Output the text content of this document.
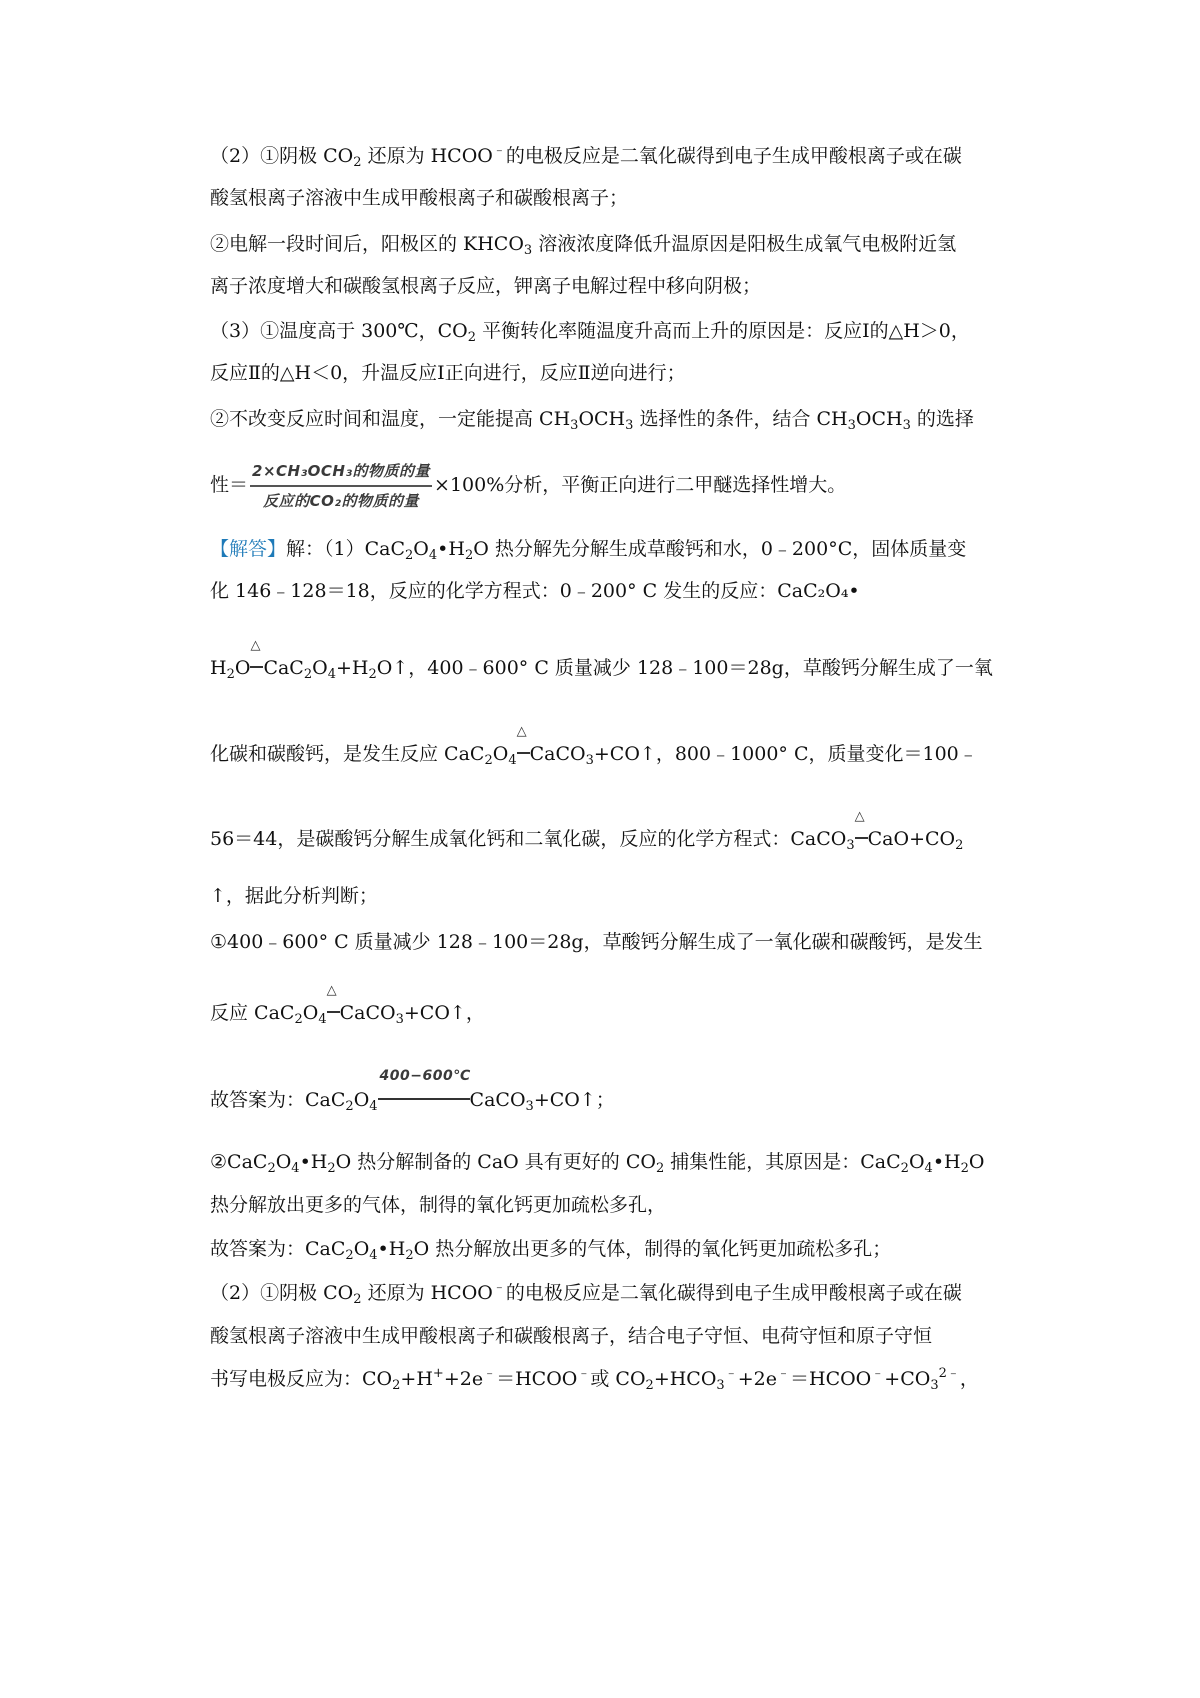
（2）①阴极 $CO_2$ 还原为 HCOO﹣的电极反应是二氧化碳得到电子生成甲酸根离子或在碳
酸氢根离子溶液中生成甲酸根离子和碳酸根离子；
②电解一段时间后，阳极区的 $KHCO_3$ 溶液浓度降低升温原因是阳极生成氧气电极附近氢
离子浓度增大和碳酸氢根离子反应，钾离子电解过程中移向阴极；
（3）①温度高于 300℃，$CO_2$ 平衡转化率随温度升高而上升的原因是：反应Ⅰ的△H＞0，
反应Ⅱ的△H＜0，升温反应Ⅰ正向进行，反应Ⅱ逆向进行；
②不改变反应时间和温度，一定能提高 $CH_3OCH_3$ 选择性的条件，结合 $CH_3OCH_3$ 的选择
性＝ $\frac{\text{2×CH₃OCH₃的物质的量}}{\text{反应的CO₂的物质的量}} \times 100\%$分析，平衡正向进行二甲醚选择性增大。
【解答】解：$(1)CaC_2O_4•H_2O$ 热分解先分解生成草酸钙和水，0﹣200°C，固体质量变
化 146﹣128＝18，反应的化学方程式：0﹣200° C 发生的反应：CaC₂O₄•
$H_2O$
△
$CaC_2O_4+H_2O↑$，400﹣600° C 质量减少 128﹣100＝28g，草酸钙分解生成了一氧
化碳和碳酸钙，是发生反应 $CaC_2O_4$
△
CaCO$_3$+CO↑，800﹣1000° C，质量变化＝100﹣
56＝44，是碳酸钙分解生成氧化钙和二氧化碳，反应的化学方程式：CaCO$_3$
△
$CaO+CO_2$
↑，据此分析判断；
①400﹣600° C 质量减少 128﹣100＝28g，草酸钙分解生成了一氧化碳和碳酸钙，是发生
反应 $CaC_2O_4$
△
CaCO$_3$+CO↑，
故答案为：$CaC_2O_4$
400−600℃
CaCO$_3$+CO↑；
$②CaC_2O_4•H_2O$ 热分解制备的 CaO 具有更好的 $CO_2$ 捕集性能，其原因是：$CaC_2O_4•H_2O$
热分解放出更多的气体，制得的氧化钙更加疏松多孔，
故答案为：$CaC_2O_4•H_2O$ 热分解放出更多的气体，制得的氧化钙更加疏松多孔；
（2）①阴极 $CO_2$ 还原为 HCOO﹣的电极反应是二氧化碳得到电子生成甲酸根离子或在碳
酸氢根离子溶液中生成甲酸根离子和碳酸根离子，结合电子守恒、电荷守恒和原子守恒
书写电极反应为：$CO_2+H^++2e^﹣=HCOO^﹣$或 $CO_2+HCO_3^﹣+2e^﹣=HCOO^﹣+CO_3^{2﹣}$，
